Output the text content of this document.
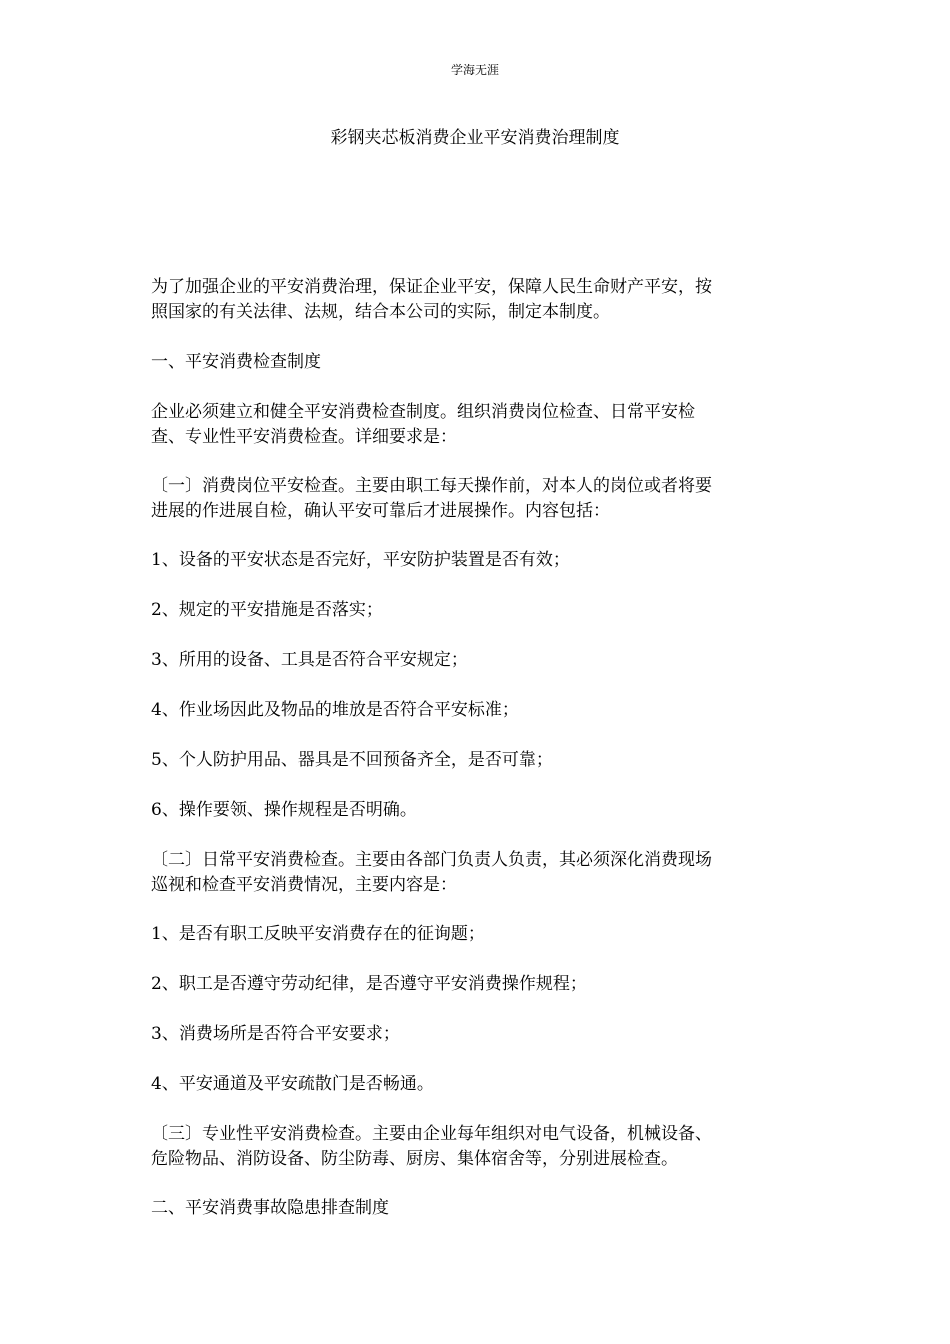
学海无涯
彩钢夹芯板消费企业平安消费治理制度
为了加强企业的平安消费治理，保证企业平安，保障人民生命财产平安，按
照国家的有关法律、法规，结合本公司的实际，制定本制度。
一、平安消费检查制度
企业必须建立和健全平安消费检查制度。组织消费岗位检查、日常平安检
查、专业性平安消费检查。详细要求是：
〔一〕消费岗位平安检查。主要由职工每天操作前，对本人的岗位或者将要
进展的作进展自检，确认平安可靠后才进展操作。内容包括：
1、设备的平安状态是否完好，平安防护装置是否有效；
2、规定的平安措施是否落实；
3、所用的设备、工具是否符合平安规定；
4、作业场因此及物品的堆放是否符合平安标准；
5、个人防护用品、器具是不回预备齐全，是否可靠；
6、操作要领、操作规程是否明确。
〔二〕日常平安消费检查。主要由各部门负责人负责，其必须深化消费现场
巡视和检查平安消费情况，主要内容是：
1、是否有职工反映平安消费存在的征询题；
2、职工是否遵守劳动纪律，是否遵守平安消费操作规程；
3、消费场所是否符合平安要求；
4、平安通道及平安疏散门是否畅通。
〔三〕专业性平安消费检查。主要由企业每年组织对电气设备，机械设备、
危险物品、消防设备、防尘防毒、厨房、集体宿舍等，分别进展检查。
二、平安消费事故隐患排查制度
